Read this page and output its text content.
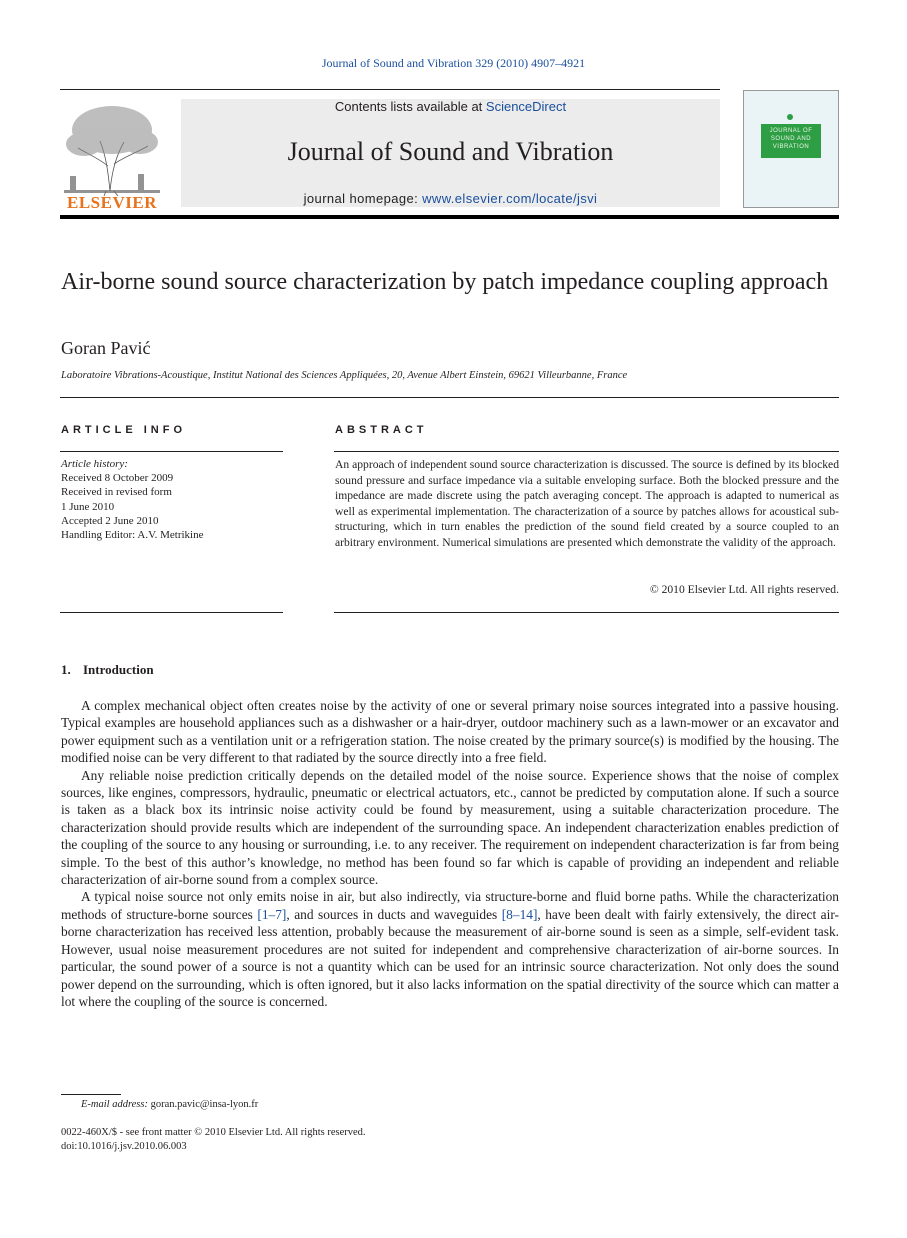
Journal of Sound and Vibration 329 (2010) 4907–4921
ELSEVIER
Contents lists available at ScienceDirect
Journal of Sound and Vibration
journal homepage: www.elsevier.com/locate/jsvi
JOURNAL OF SOUND AND VIBRATION
Air-borne sound source characterization by patch impedance coupling approach
Goran Pavić
Laboratoire Vibrations-Acoustique, Institut National des Sciences Appliquées, 20, Avenue Albert Einstein, 69621 Villeurbanne, France
ARTICLE INFO	ABSTRACT
Article history:
Received 8 October 2009
Received in revised form
1 June 2010
Accepted 2 June 2010
Handling Editor: A.V. Metrikine
An approach of independent sound source characterization is discussed. The source is defined by its blocked sound pressure and surface impedance via a suitable enveloping surface. Both the blocked pressure and the impedance are made discrete using the patch averaging concept. The approach is adapted to numerical as well as experimental implementation. The characterization of a source by patches allows for acoustical sub-structuring, which in turn enables the prediction of the sound field created by a source coupled to an arbitrary environment. Numerical simulations are presented which demonstrate the validity of the approach.
© 2010 Elsevier Ltd. All rights reserved.
1. Introduction

A complex mechanical object often creates noise by the activity of one or several primary noise sources integrated into a passive housing. Typical examples are household appliances such as a dishwasher or a hair-dryer, outdoor machinery such as a lawn-mower or an excavator and power equipment such as a ventilation unit or a refrigeration station. The noise created by the primary source(s) is modified by the housing. The modified noise can be very different to that radiated by the source directly into a free field.

Any reliable noise prediction critically depends on the detailed model of the noise source. Experience shows that the noise of complex sources, like engines, compressors, hydraulic, pneumatic or electrical actuators, etc., cannot be predicted by computation alone. If such a source is taken as a black box its intrinsic noise activity could be found by measurement, using a suitable characterization procedure. The characterization should provide results which are independent of the surrounding space. An independent characterization enables prediction of the coupling of the source to any housing or surrounding, i.e. to any receiver. The requirement on independent characterization is far from being simple. To the best of this author’s knowledge, no method has been found so far which is capable of providing an independent and reliable characterization of air-borne sound from a complex source.

A typical noise source not only emits noise in air, but also indirectly, via structure-borne and fluid borne paths. While the characterization methods of structure-borne sources [1–7], and sources in ducts and waveguides [8–14], have been dealt with fairly extensively, the direct air-borne characterization has received less attention, probably because the measurement of air-borne sound is seen as a simple, self-evident task. However, usual noise measurement procedures are not suited for independent and comprehensive characterization of air-borne sources. In particular, the sound power of a source is not a quantity which can be used for an intrinsic source characterization. Not only does the sound power depend on the surrounding, which is often ignored, but it also lacks information on the spatial directivity of the source which can matter a lot where the coupling of the source is concerned.

E-mail address: goran.pavic@insa-lyon.fr
0022-460X/$ - see front matter © 2010 Elsevier Ltd. All rights reserved.
doi:10.1016/j.jsv.2010.06.003
